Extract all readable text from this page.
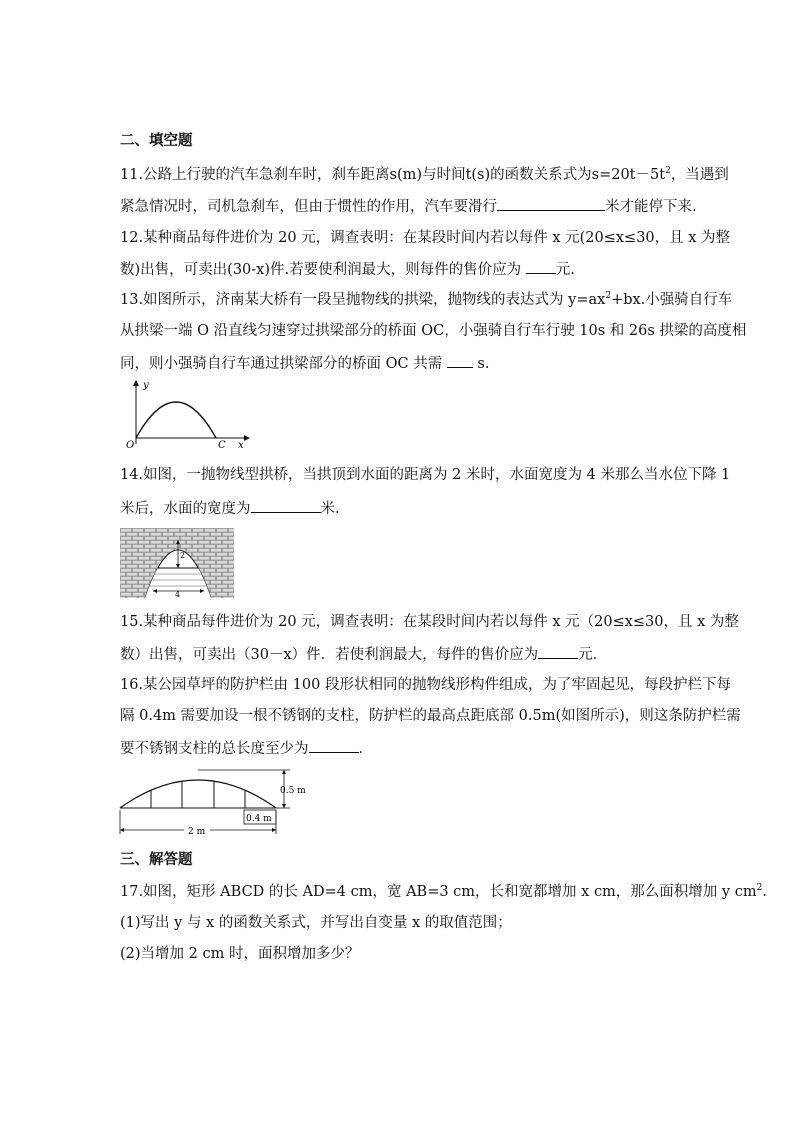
二、填空题
11.公路上行驶的汽车急刹车时，刹车距离s(m)与时间t(s)的函数关系式为$s=20t-5t^2$，当遇到
紧急情况时，司机急刹车，但由于惯性的作用，汽车要滑行	米才能停下来.
12.某种商品每件进价为 20 元，调查表明：在某段时间内若以每件 x 元(20≤x≤30，且 x 为整
数)出售，可卖出(30-x)件.若要使利润最大，则每件的售价应为 元.
13.如图所示，济南某大桥有一段呈抛物线的拱梁，抛物线的表达式为 $y=ax^2+bx$.小强骑自行车
从拱梁一端 O 沿直线匀速穿过拱梁部分的桥面 OC，小强骑自行车行驶 10s 和 26s 拱梁的高度相
同，则小强骑自行车通过拱梁部分的桥面 OC 共需  s.
y
x
O	C
14.如图，一抛物线型拱桥，当拱顶到水面的距离为 2 米时，水面宽度为 4 米那么当水位下降 1
米后，水面的宽度为	米.
2
4
15.某种商品每件进价为 20 元，调查表明：在某段时间内若以每件 x 元（20≤x≤30，且 x 为整
数）出售，可卖出（30－x）件．若使利润最大，每件的售价应为	元．
16.某公园草坪的防护栏由 100 段形状相同的抛物线形构件组成，为了牢固起见，每段护栏下每
隔 0.4m 需要加设一根不锈钢的支柱，防护栏的最高点距底部 0.5m(如图所示)，则这条防护栏需
要不锈钢支柱的总长度至少为	．
0.5 m
0.4 m
2 m
三、解答题
17.如图，矩形 ABCD 的长 AD=4 cm，宽 AB=3 cm，长和宽都增加 x cm，那么面积增加 y $cm^2$.
(1)写出 y 与 x 的函数关系式，并写出自变量 x 的取值范围；
(2)当增加 2 cm 时，面积增加多少？
